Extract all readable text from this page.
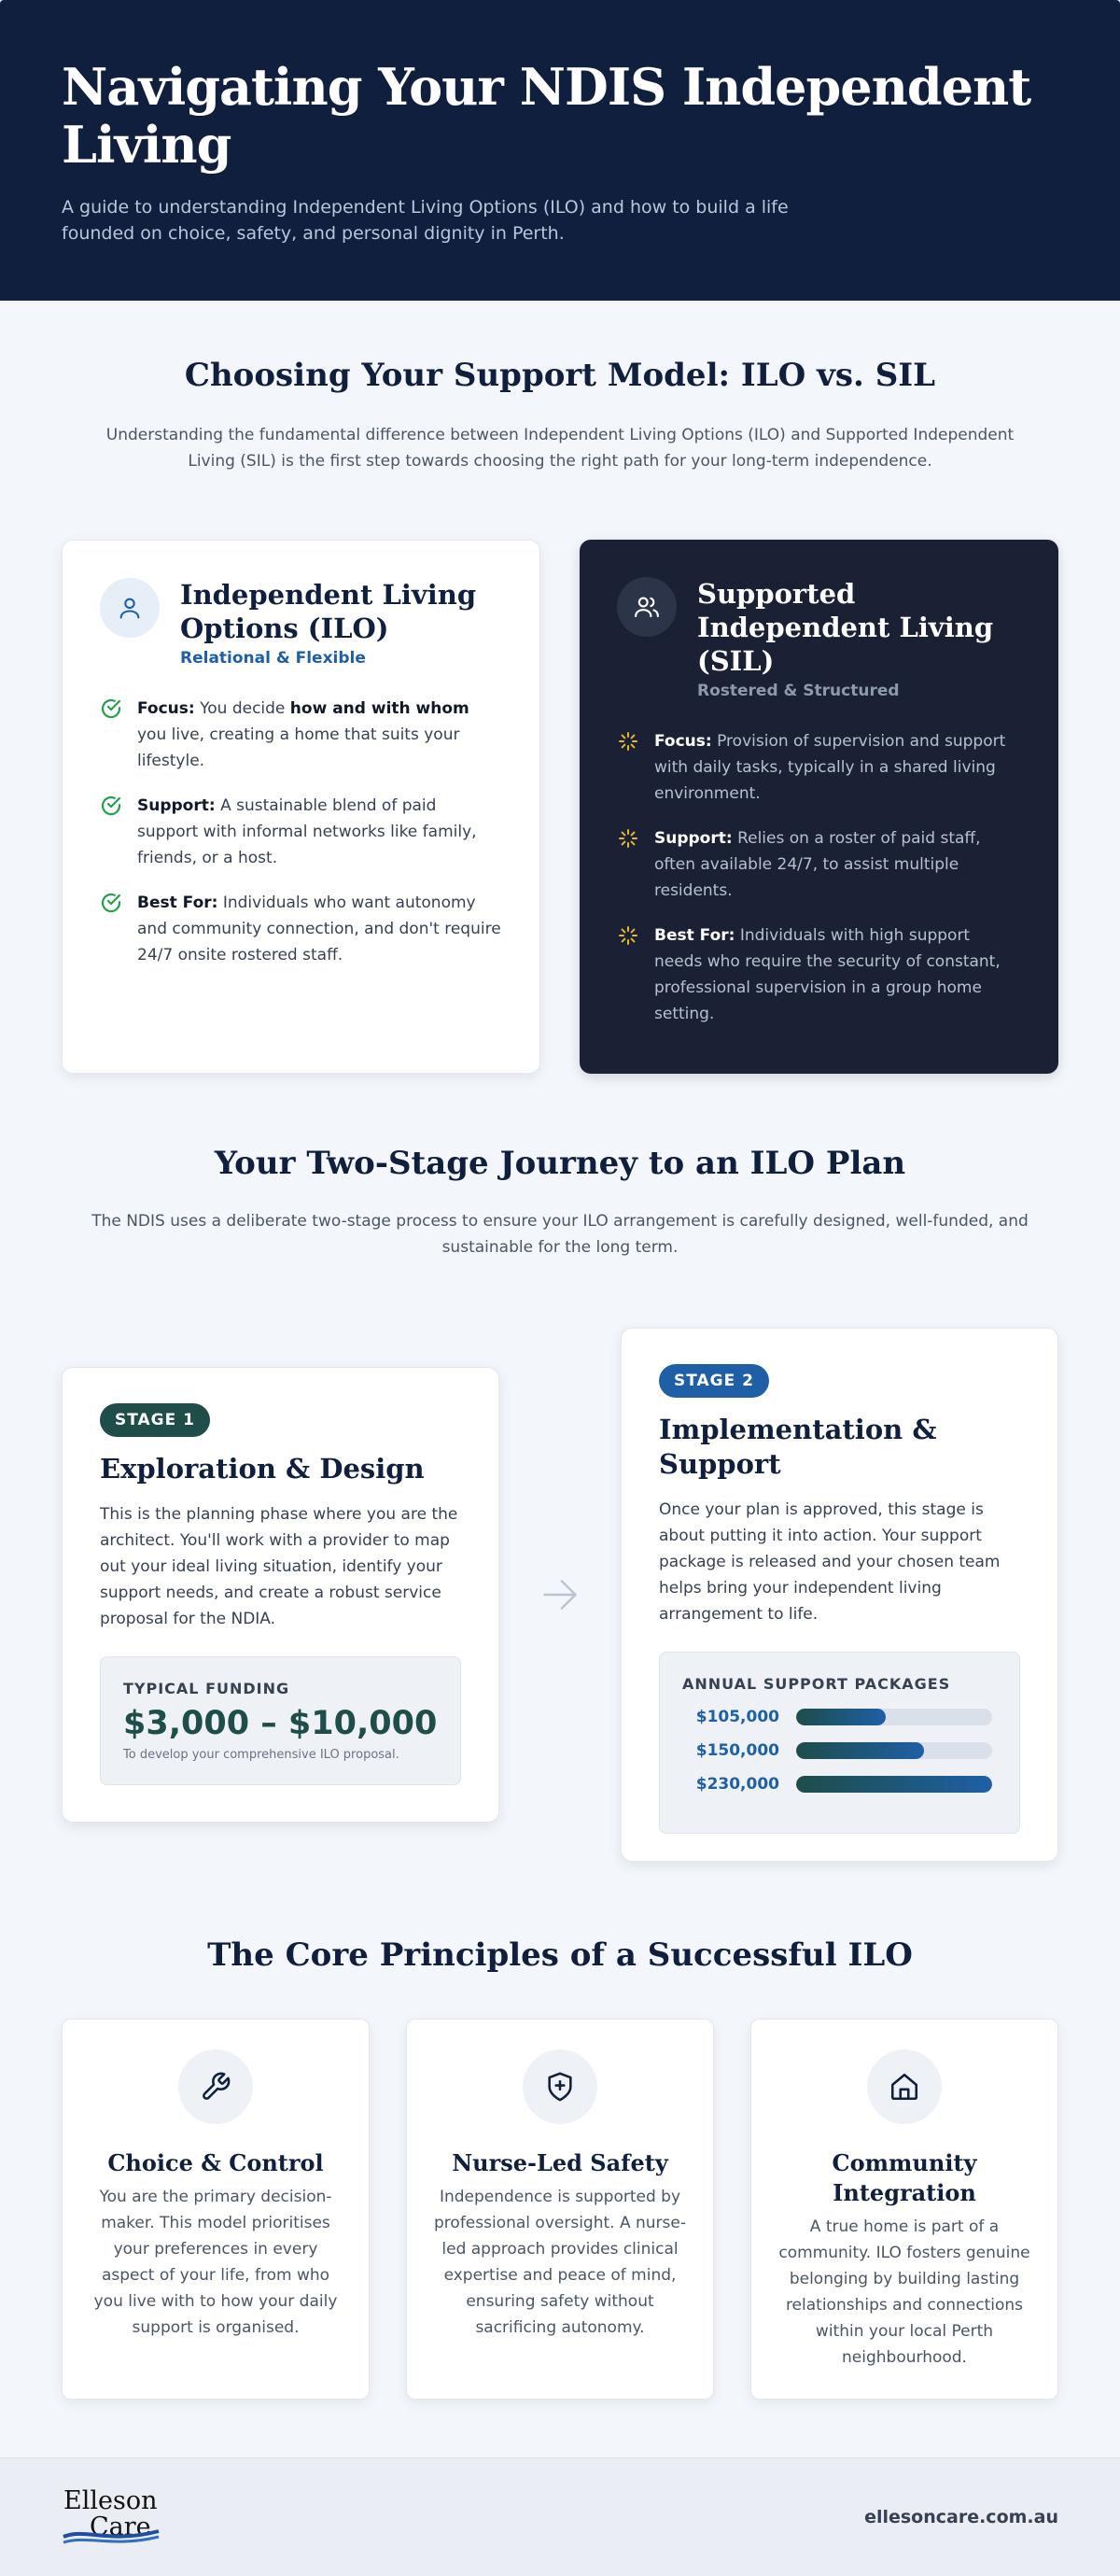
Navigating Your NDIS Independent Living

A guide to understanding Independent Living Options (ILO) and how to build a life founded on choice, safety, and personal dignity in Perth.

Choosing Your Support Model: ILO vs. SIL

Understanding the fundamental difference between Independent Living Options (ILO) and Supported Independent Living (SIL) is the first step towards choosing the right path for your long-term independence.

Independent Living Options (ILO)
Relational & Flexible
Focus: You decide how and with whom you live, creating a home that suits your lifestyle.
Support: A sustainable blend of paid support with informal networks like family, friends, or a host.
Best For: Individuals who want autonomy and community connection, and don't require 24/7 onsite rostered staff.
Supported Independent Living (SIL)
Rostered & Structured
Focus: Provision of supervision and support with daily tasks, typically in a shared living environment.
Support: Relies on a roster of paid staff, often available 24/7, to assist multiple residents.
Best For: Individuals with high support needs who require the security of constant, professional supervision in a group home setting.
Your Two-Stage Journey to an ILO Plan

The NDIS uses a deliberate two-stage process to ensure your ILO arrangement is carefully designed, well-funded, and sustainable for the long term.

STAGE 1
Exploration & Design

This is the planning phase where you are the architect. You'll work with a provider to map out your ideal living situation, identify your support needs, and create a robust service proposal for the NDIA.

TYPICAL FUNDING
$3,000 – $10,000
To develop your comprehensive ILO proposal.
STAGE 2
Implementation & Support

Once your plan is approved, this stage is about putting it into action. Your support package is released and your chosen team helps bring your independent living arrangement to life.

ANNUAL SUPPORT PACKAGES
$105,000
$150,000
$230,000
The Core Principles of a Successful ILO
Choice & Control

You are the primary decision-maker. This model prioritises your preferences in every aspect of your life, from who you live with to how your daily support is organised.

Nurse-Led Safety

Independence is supported by professional oversight. A nurse-led approach provides clinical expertise and peace of mind, ensuring safety without sacrificing autonomy.

Community Integration

A true home is part of a community. ILO fosters genuine belonging by building lasting relationships and connections within your local Perth neighbourhood.

Elleson
Care	ellesoncare.com.au
